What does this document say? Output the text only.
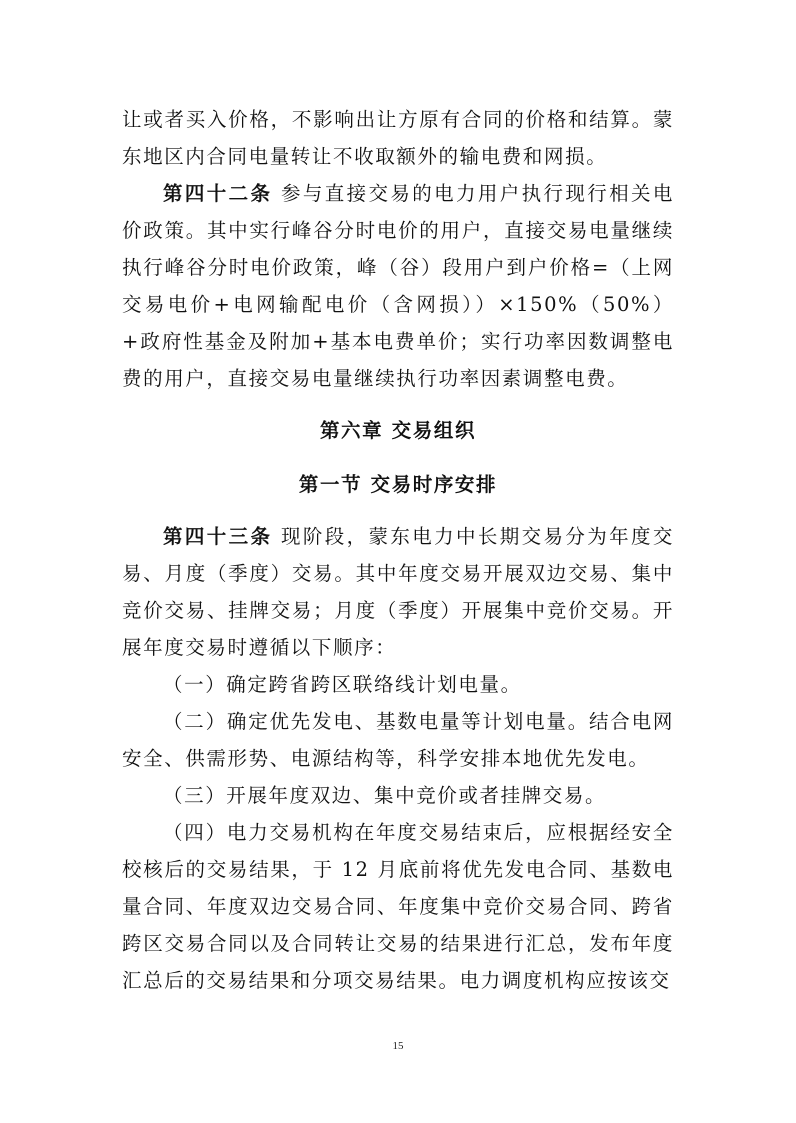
让或者买入价格，不影响出让方原有合同的价格和结算。蒙东地区内合同电量转让不收取额外的输电费和网损。

第四十二条 参与直接交易的电力用户执行现行相关电价政策。其中实行峰谷分时电价的用户，直接交易电量继续执行峰谷分时电价政策，峰（谷）段用户到户价格=（上网交易电价+电网输配电价（含网损））×150%（50%）+政府性基金及附加+基本电费单价；实行功率因数调整电费的用户，直接交易电量继续执行功率因素调整电费。

第六章 交易组织

第一节 交易时序安排

第四十三条 现阶段，蒙东电力中长期交易分为年度交易、月度（季度）交易。其中年度交易开展双边交易、集中竞价交易、挂牌交易；月度（季度）开展集中竞价交易。开展年度交易时遵循以下顺序：

（一）确定跨省跨区联络线计划电量。

（二）确定优先发电、基数电量等计划电量。结合电网安全、供需形势、电源结构等，科学安排本地优先发电。

（三）开展年度双边、集中竞价或者挂牌交易。

（四）电力交易机构在年度交易结束后，应根据经安全校核后的交易结果，于 12 月底前将优先发电合同、基数电量合同、年度双边交易合同、年度集中竞价交易合同、跨省跨区交易合同以及合同转让交易的结果进行汇总，发布年度汇总后的交易结果和分项交易结果。电力调度机构应按该交

15
